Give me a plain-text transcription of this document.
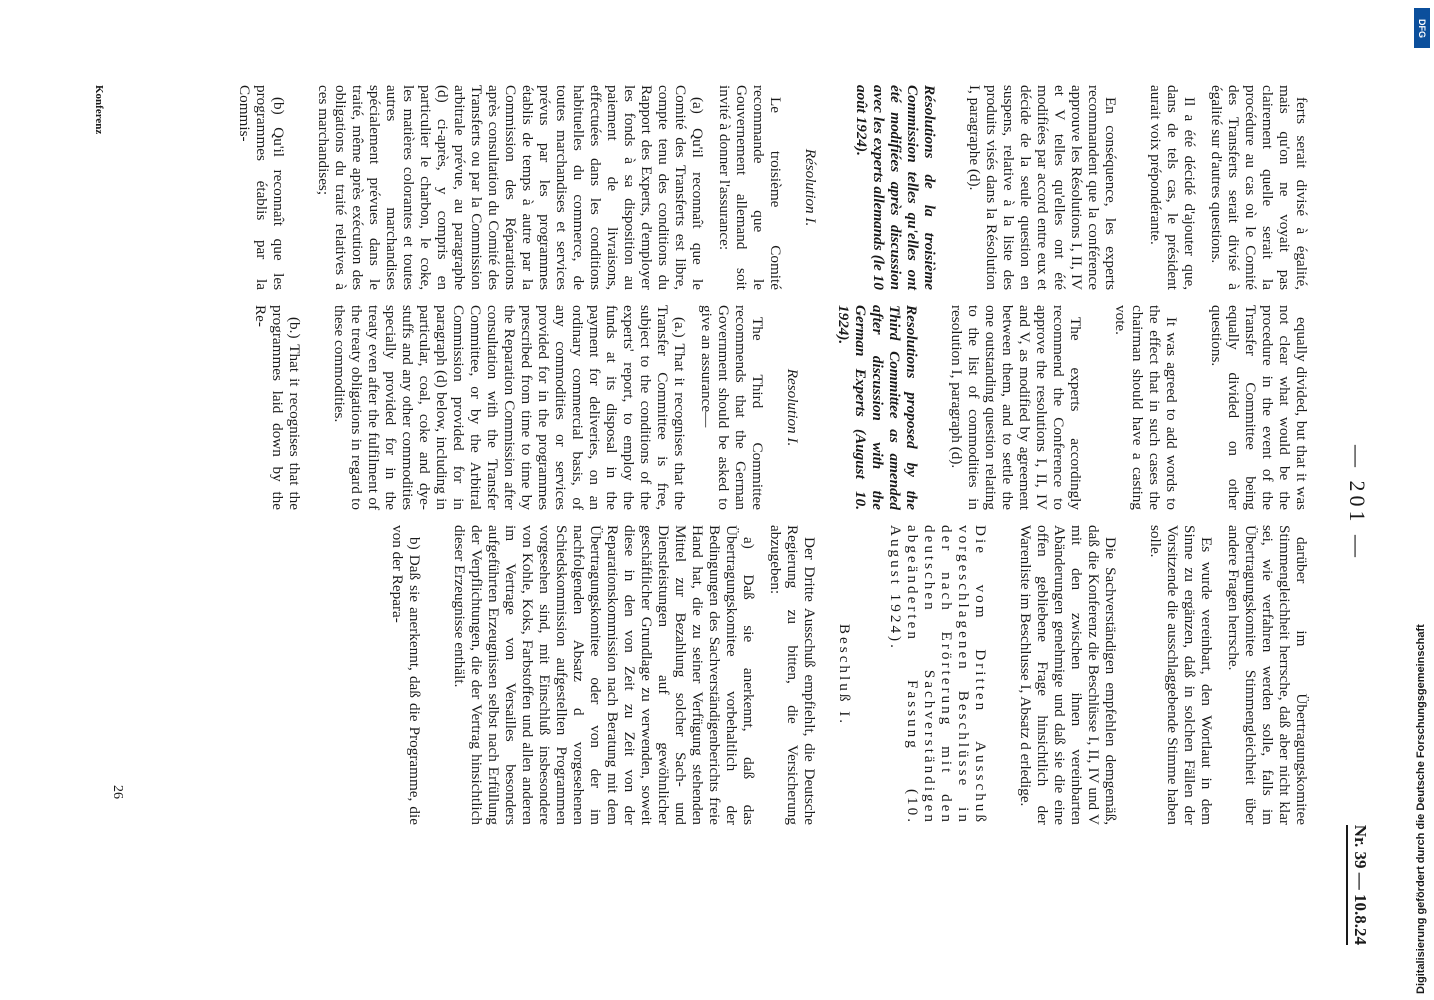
— 201 —
Nr. 39 — 10.8.24

ferts serait divisé à égalité, mais qu'on ne voyait pas clairement quelle serait la procédure au cas où le Comité des Transferts serait divisé à égalité sur d'autres questions.

Il a été décidé d'ajouter que, dans de tels cas, le président aurait voix prépondérante.

En conséquence, les experts recommandent que la conférence approuve les Résolutions I, II, IV et V telles qu'elles ont été modifiées par accord entre eux et décide de la seule question en suspens, relative à la liste des produits visés dans la Résolution I, paragraphe (d).

Résolutions de la troisième Commission telles qu'elles ont été modifiées après discussion avec les experts allemands (le 10 août 1924).

Résolution I.

Le troisième Comité recommande que le Gouvernement allemand soit invité à donner l'assurance:

(a) Qu'il reconnaît que le Comité des Transferts est libre, compte tenu des conditions du Rapport des Experts, d'employer les fonds à sa disposition au paiement de livraisons, effectuées dans les conditions habituelles du commerce, de toutes marchandises et services prévus par les programmes établis de temps à autre par la Commission des Réparations après consultation du Comité des Transferts ou par la Commission arbitrale prévue, au paragraphe (d) ci-après, y compris en particulier le charbon, le coke, les matières colorantes et toutes autres marchandises spécialement prévues dans le traité, même après exécution des obligations du traité relatives à ces marchandises;

(b) Qu'il reconnaît que les programmes établis par la Commis-

equally divided, but that it was not clear what would be the procedure in the event of the Transfer Committee being equally divided on other questions.

It was agreed to add words to the effect that in such cases the chairman should have a casting vote.

The experts accordingly recommend the Conference to approve the resolutions I, II, IV and V, as modified by agreement between them, and to settle the one outstanding question relating to the list of commodities in resolution I, paragraph (d).

Resolutions proposed by the Third Committee as amended after discussion with the German Experts (August 10. 1924).

Resolution I.

The Third Committee recommends that the German Government should be asked to give an assurance—

(a.) That it recognises that the Transfer Committee is free, subject to the conditions of the experts' report, to employ the funds at its disposal in the payment for deliveries, on an ordinary commercial basis, of any commodities or services provided for in the programmes prescribed from time to time by the Reparation Commission after consultation with the Transfer Committee, or by the Arbitral Commission provided for in paragraph (d) below, including in particular, coal, coke and dye-stuffs and any other commodities specially provided for in the treaty even after the fulfilment of the treaty obligations in regard to these commodities.

(b.) That it recognises that the programmes laid down by the Re-

darüber im Übertragungskomitee Stimmengleichheit herrsche, daß aber nicht klar sei, wie verfahren werden solle, falls im Übertragungskomitee Stimmengleichheit über andere Fragen herrsche.

Es wurde vereinbart, den Wortlaut in dem Sinne zu ergänzen, daß in solchen Fällen der Vorsitzende die ausschlaggebende Stimme haben solle.

Die Sachverständigen empfehlen demgemäß, daß die Konferenz die Beschlüsse I, II, IV und V mit den zwischen ihnen vereinbarten Abänderungen genehmige und daß sie die eine offen gebliebene Frage hinsichtlich der Warenliste im Beschlusse I, Absatz d erledige.

Die vom Dritten Ausschuß vorgeschlagenen Beschlüsse in der nach Erörterung mit den deutschen Sachverständigen abgeänderten Fassung (10. August 1924).

Beschluß I.

Der Dritte Ausschuß empfiehlt, die Deutsche Regierung zu bitten, die Versicherung abzugeben:

a) Daß sie anerkennt, daß das Übertragungskomitee vorbehaltlich der Bedingungen des Sachverständigenberichts freie Hand hat, die zu seiner Verfügung stehenden Mittel zur Bezahlung solcher Sach- und Dienstleistungen auf gewöhnlicher geschäftlicher Grundlage zu verwenden, soweit diese in den von Zeit zu Zeit von der Reparationskommission nach Beratung mit dem Übertragungskomitee oder von der im nachfolgenden Absatz d vorgesehenen Schiedskommission aufgestellten Programmen vorgesehen sind, mit Einschluß insbesondere von Kohle, Koks, Farbstoffen und allen anderen im Vertrage von Versailles besonders aufgeführten Erzeugnissen selbst nach Erfüllung der Verpflichtungen, die der Vertrag hinsichtlich dieser Erzeugnisse enthält.

b) Daß sie anerkennt, daß die Programme, die von der Repara-

Konferenz
26
DFG
Digitalisierung gefördert durch die Deutsche Forschungsgemeinschaft
